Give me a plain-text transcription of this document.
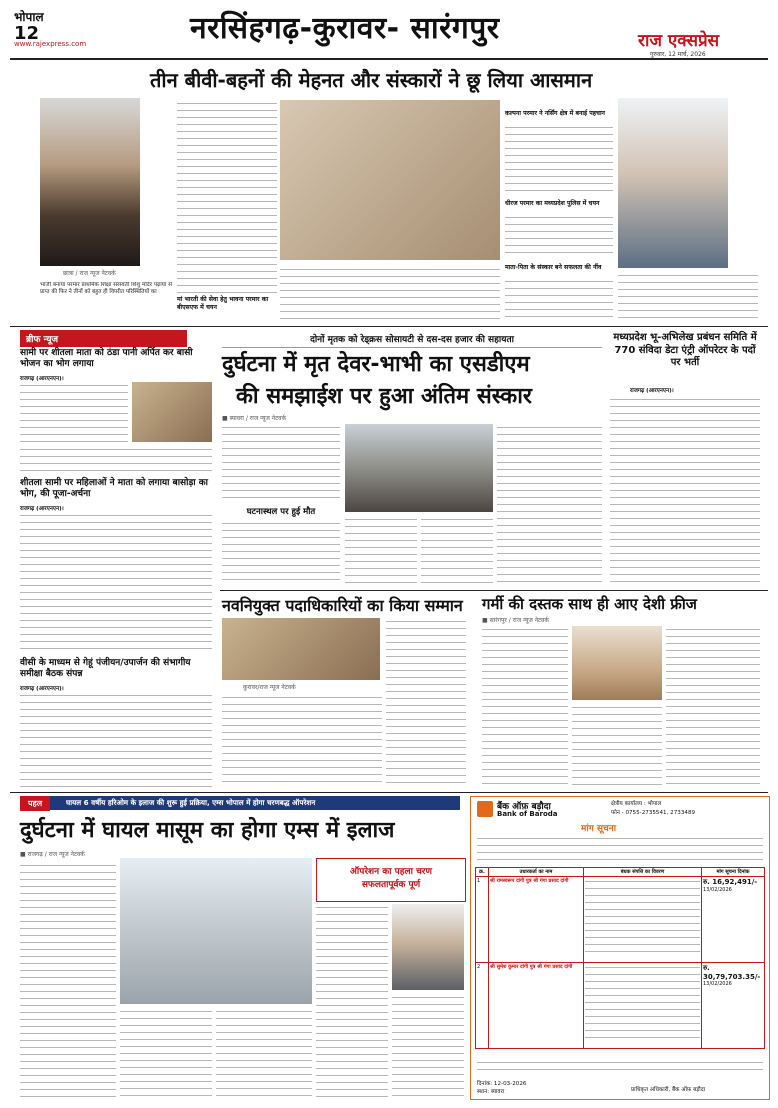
भोपाल
12
www.rajexpress.com	नरसिंहगढ़-कुरावर- सारंगपुर	राज एक्सप्रेस
गुरुवार, 12 मार्च, 2026
तीन बीवी-बहनों की मेहनत और संस्कारों ने छू लिया आसमान
छात्रा / राज न्यूज नेटवर्क
भाजी बनाया परमार प्राथमिक शिक्षा सरस्वती शिशु मंदिर पढ़ाया से प्राप्त की फिर ने तीनों को बहुत ही विपरीत परिस्थितियों का
मां भारती की सेवा हेतु भावना परमार का बीएसएफ में चयन
कल्पना परमार ने नर्सिंग क्षेत्र में बनाई पहचान
धीरज परमार का मध्यप्रदेश पुलिस में चयन
माता-पिता के संस्कार बने सफलता की नींव
ब्रीफ न्यूज
सामी पर शीतला माता को ठंडा पानी अर्पित कर बासी भोजन का भोग लगाया
राजगढ़ (आरएनएन)।
शीतला सामी पर महिलाओं ने माता को लगाया बासोड़ा का भोग, की पूजा-अर्चना
राजगढ़ (आरएनएन)।
वीसी के माध्यम से गेहूं पंजीयन/उपार्जन की संभागीय समीक्षा बैठक संपन्न
राजगढ़ (आरएनएन)।
दोनों मृतक को रेड्क्रस सोसायटी से दस-दस हजार की सहायता
दुर्घटना में मृत देवर-भाभी का एसडीएम
की समझाईश पर हुआ अंतिम संस्कार
■ ब्यावरा / राज न्यूज नेटवर्क
घटनास्थल पर हुई मौत
मध्यप्रदेश भू-अभिलेख प्रबंधन समिति में 770 संविदा डेटा एंट्री ऑपरेटर के पदों पर भर्ती
राजगढ़ (आरएनएन)।
नवनियुक्त पदाधिकारियों का किया सम्मान
कुरावर/राज न्यूज नेटवर्क
गर्मी की दस्तक साथ ही आए देशी फ्रीज
■ सारंगपुर / राज न्यूज नेटवर्क
पहल	घायल 6 वर्षीय हरिओम के इलाज की शुरू हुई प्रक्रिया, एम्स भोपाल में होगा चरणबद्ध ऑपरेशन
दुर्घटना में घायल मासूम का होगा एम्स में इलाज
■ राजगढ़ / राज न्यूज नेटवर्क
ऑपरेशन का पहला चरण
सफलतापूर्वक पूर्ण
बैंक ऑफ़ बड़ौदा
Bank of Baroda
क्षेत्रीय कार्यालय : भोपाल
फोन - 0755-2735541, 2733489
मांग सूचना
क्र.	उधारकर्ता का नाम	बंधक संपत्ति का विवरण	मांग सूचना दिनांक
1	श्री रामस्वरूप दांगी पुत्र श्री गंगा प्रसाद दांगी		रु. 16,92,491/-
13/02/2026

2	श्री सुमेश कुमार दांगी पुत्र श्री गंगा प्रसाद दांगी		रु. 30,79,703.35/-
13/02/2026
दिनांक: 12-03-2026
स्थान: ब्यावरा	प्राधिकृत अधिकारी, बैंक ऑफ़ बड़ौदा
